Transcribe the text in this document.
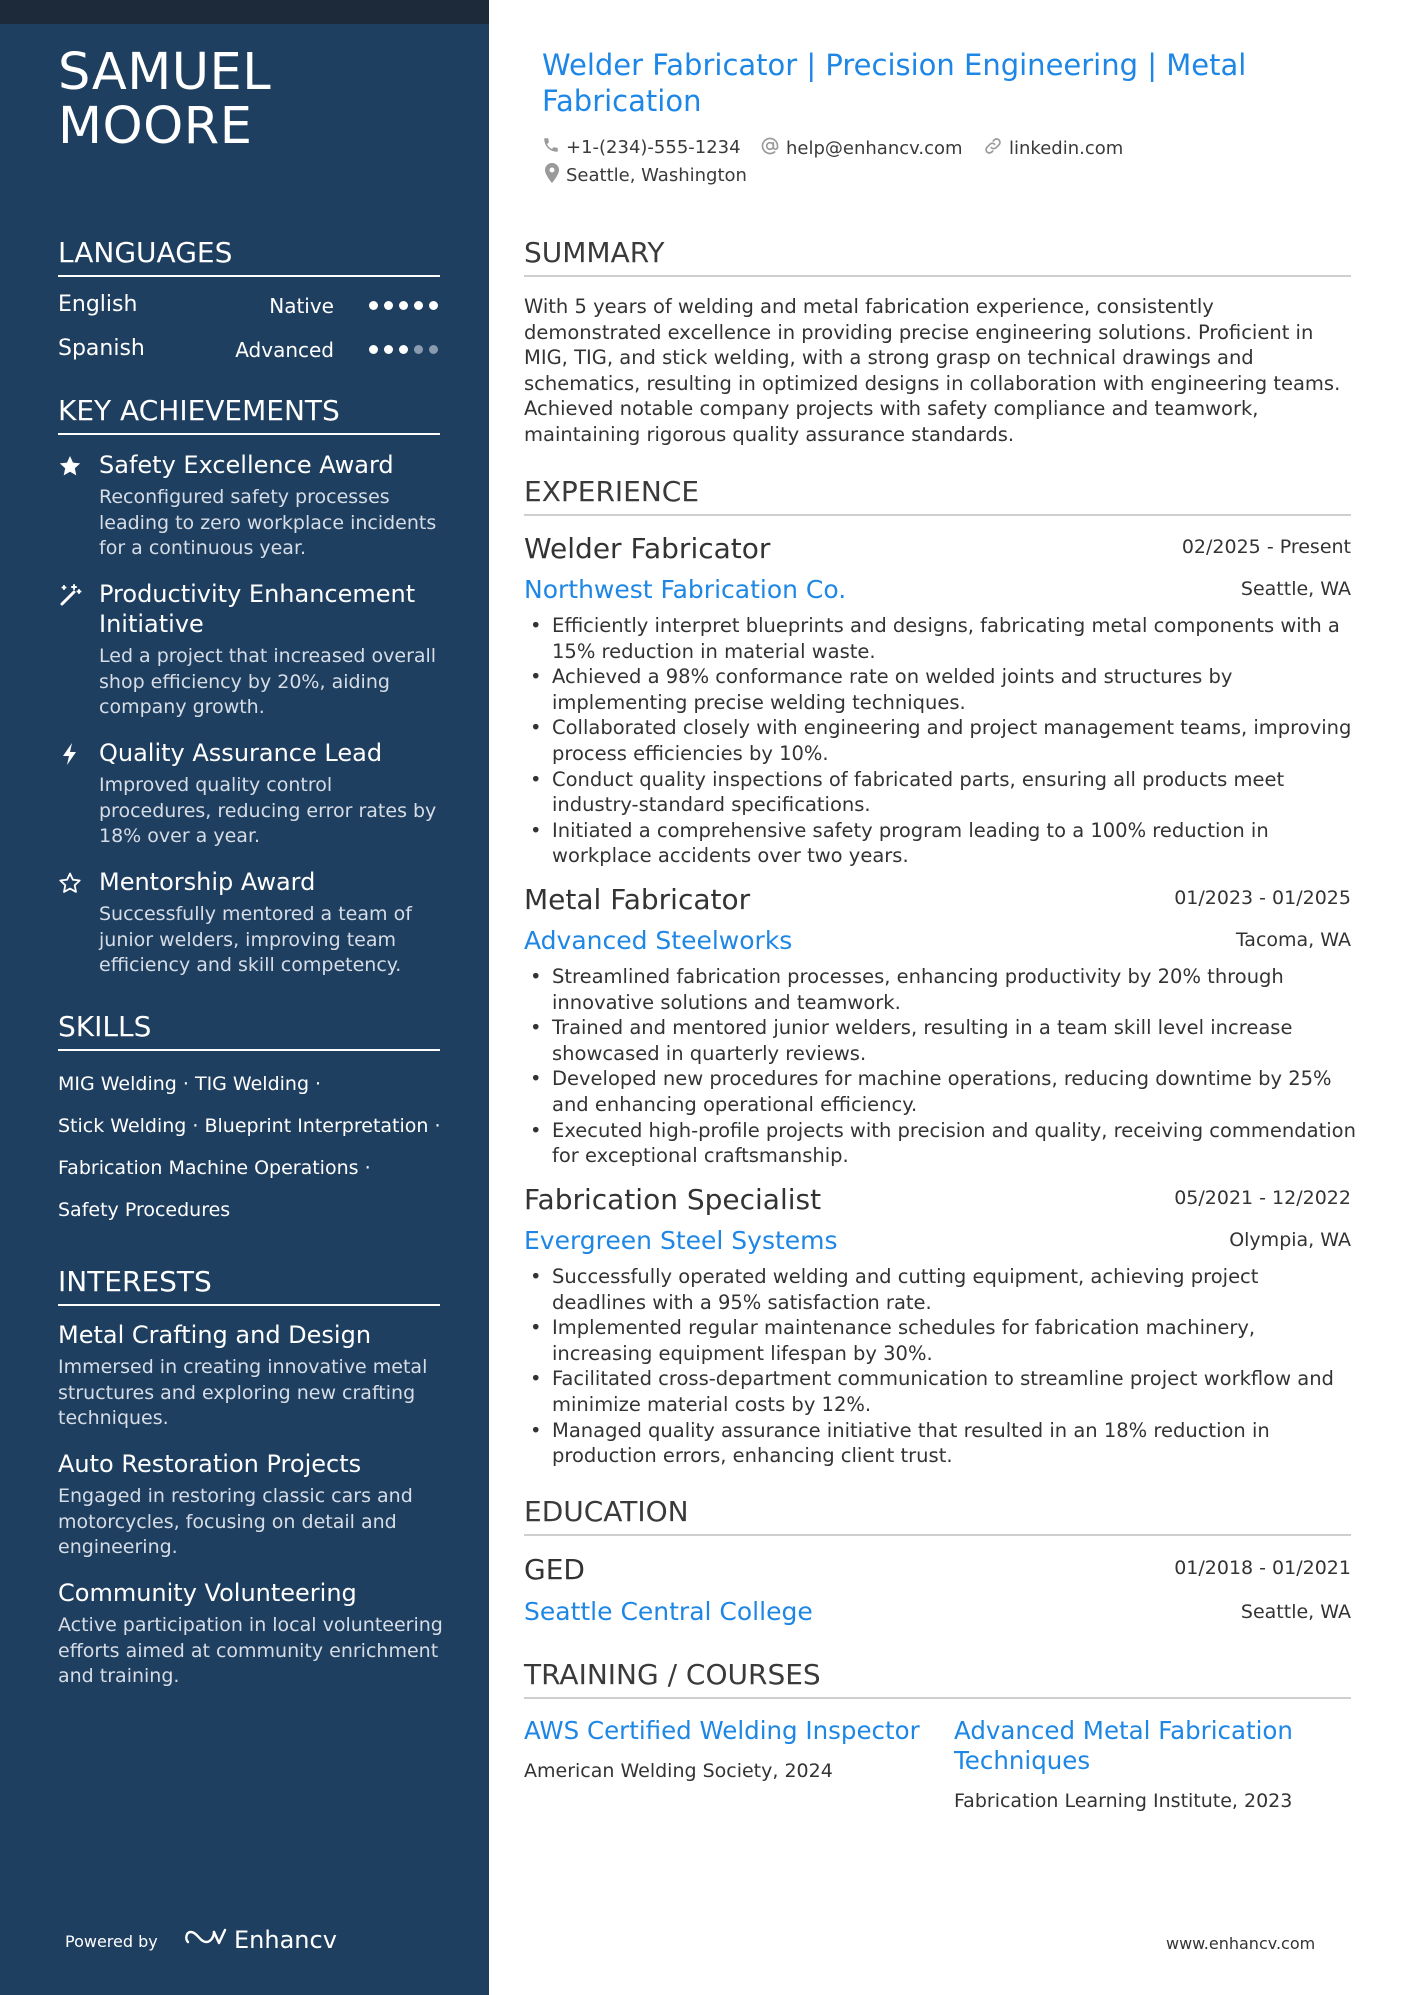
SAMUEL MOORE
LANGUAGES
English	Native
Spanish	Advanced
KEY ACHIEVEMENTS
Safety Excellence Award
Reconfigured safety processes leading to zero workplace incidents for a continuous year.
Productivity Enhancement Initiative
Led a project that increased overall shop efficiency by 20%, aiding company growth.
Quality Assurance Lead
Improved quality control procedures, reducing error rates by 18% over a year.
Mentorship Award
Successfully mentored a team of junior welders, improving team efficiency and skill competency.
SKILLS
MIG Welding · TIG Welding ·
Stick Welding · Blueprint Interpretation ·
Fabrication Machine Operations ·
Safety Procedures
INTERESTS
Metal Crafting and Design
Immersed in creating innovative metal structures and exploring new crafting techniques.
Auto Restoration Projects
Engaged in restoring classic cars and motorcycles, focusing on detail and engineering.
Community Volunteering
Active participation in local volunteering efforts aimed at community enrichment and training.
Powered by	Enhancv
Welder Fabricator | Precision Engineering | Metal Fabrication
+1-(234)-555-1234	help@enhancv.com	linkedin.com
Seattle, Washington
SUMMARY
With 5 years of welding and metal fabrication experience, consistently demonstrated excellence in providing precise engineering solutions. Proficient in MIG, TIG, and stick welding, with a strong grasp on technical drawings and schematics, resulting in optimized designs in collaboration with engineering teams. Achieved notable company projects with safety compliance and teamwork, maintaining rigorous quality assurance standards.
EXPERIENCE
Welder Fabricator	02/2025 - Present
Northwest Fabrication Co.	Seattle, WA
• Efficiently interpret blueprints and designs, fabricating metal components with a 15% reduction in material waste.
• Achieved a 98% conformance rate on welded joints and structures by implementing precise welding techniques.
• Collaborated closely with engineering and project management teams, improving process efficiencies by 10%.
• Conduct quality inspections of fabricated parts, ensuring all products meet industry-standard specifications.
• Initiated a comprehensive safety program leading to a 100% reduction in workplace accidents over two years.
Metal Fabricator	01/2023 - 01/2025
Advanced Steelworks	Tacoma, WA
• Streamlined fabrication processes, enhancing productivity by 20% through innovative solutions and teamwork.
• Trained and mentored junior welders, resulting in a team skill level increase showcased in quarterly reviews.
• Developed new procedures for machine operations, reducing downtime by 25% and enhancing operational efficiency.
• Executed high-profile projects with precision and quality, receiving commendation for exceptional craftsmanship.
Fabrication Specialist	05/2021 - 12/2022
Evergreen Steel Systems	Olympia, WA
• Successfully operated welding and cutting equipment, achieving project deadlines with a 95% satisfaction rate.
• Implemented regular maintenance schedules for fabrication machinery, increasing equipment lifespan by 30%.
• Facilitated cross-department communication to streamline project workflow and minimize material costs by 12%.
• Managed quality assurance initiative that resulted in an 18% reduction in production errors, enhancing client trust.
EDUCATION
GED	01/2018 - 01/2021
Seattle Central College	Seattle, WA
TRAINING / COURSES
AWS Certified Welding Inspector
American Welding Society, 2024
Advanced Metal Fabrication Techniques
Fabrication Learning Institute, 2023
www.enhancv.com
